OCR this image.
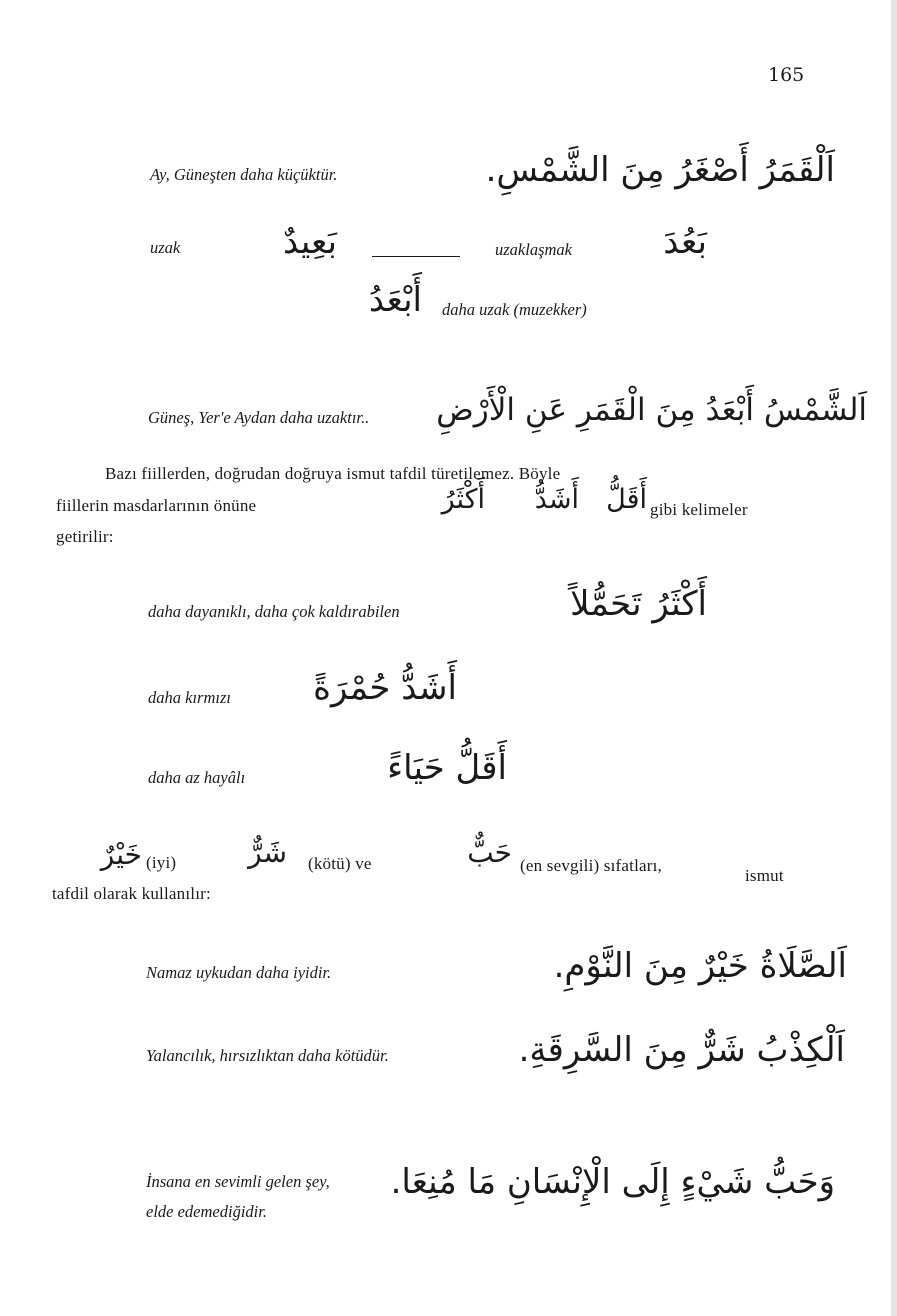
165
Ay, Güneşten daha küçüktür.	اَلْقَمَرُ أَصْغَرُ مِنَ الشَّمْسِ.
uzak	بَعِيدٌ	uzaklaşmak	بَعُدَ
أَبْعَدُ daha uzak (muzekker)
Güneş, Yer'e Aydan daha uzaktır.. اَلشَّمْسُ أَبْعَدُ مِنَ الْقَمَرِ عَنِ الْأَرْضِ
Bazı fiillerden, doğrudan doğruya ismut tafdil türetilemez. Böyle
fiillerin masdarlarının önüne	أَكْثَرُ أَشَدُّ أَقَلُّ gibi kelimeler
getirilir:
daha dayanıklı, daha çok kaldırabilen	أَكْثَرُ تَحَمُّلاً
daha kırmızı أَشَدُّ حُمْرَةً
daha az hayâlı	أَقَلُّ حَيَاءً
خَيْرٌ (iyi)	شَرٌّ (kötü) ve	حَبٌّ (en sevgili) sıfatları,
ismut
tafdil olarak kullanılır:
Namaz uykudan daha iyidir.	اَلصَّلَاةُ خَيْرٌ مِنَ النَّوْمِ.
Yalancılık, hırsızlıktan daha kötüdür.	اَلْكِذْبُ شَرٌّ مِنَ السَّرِقَةِ.
İnsana en sevimli gelen şey,
elde edemediğidir.
وَحَبُّ شَيْءٍ إِلَى الْإِنْسَانِ مَا مُنِعَا.
